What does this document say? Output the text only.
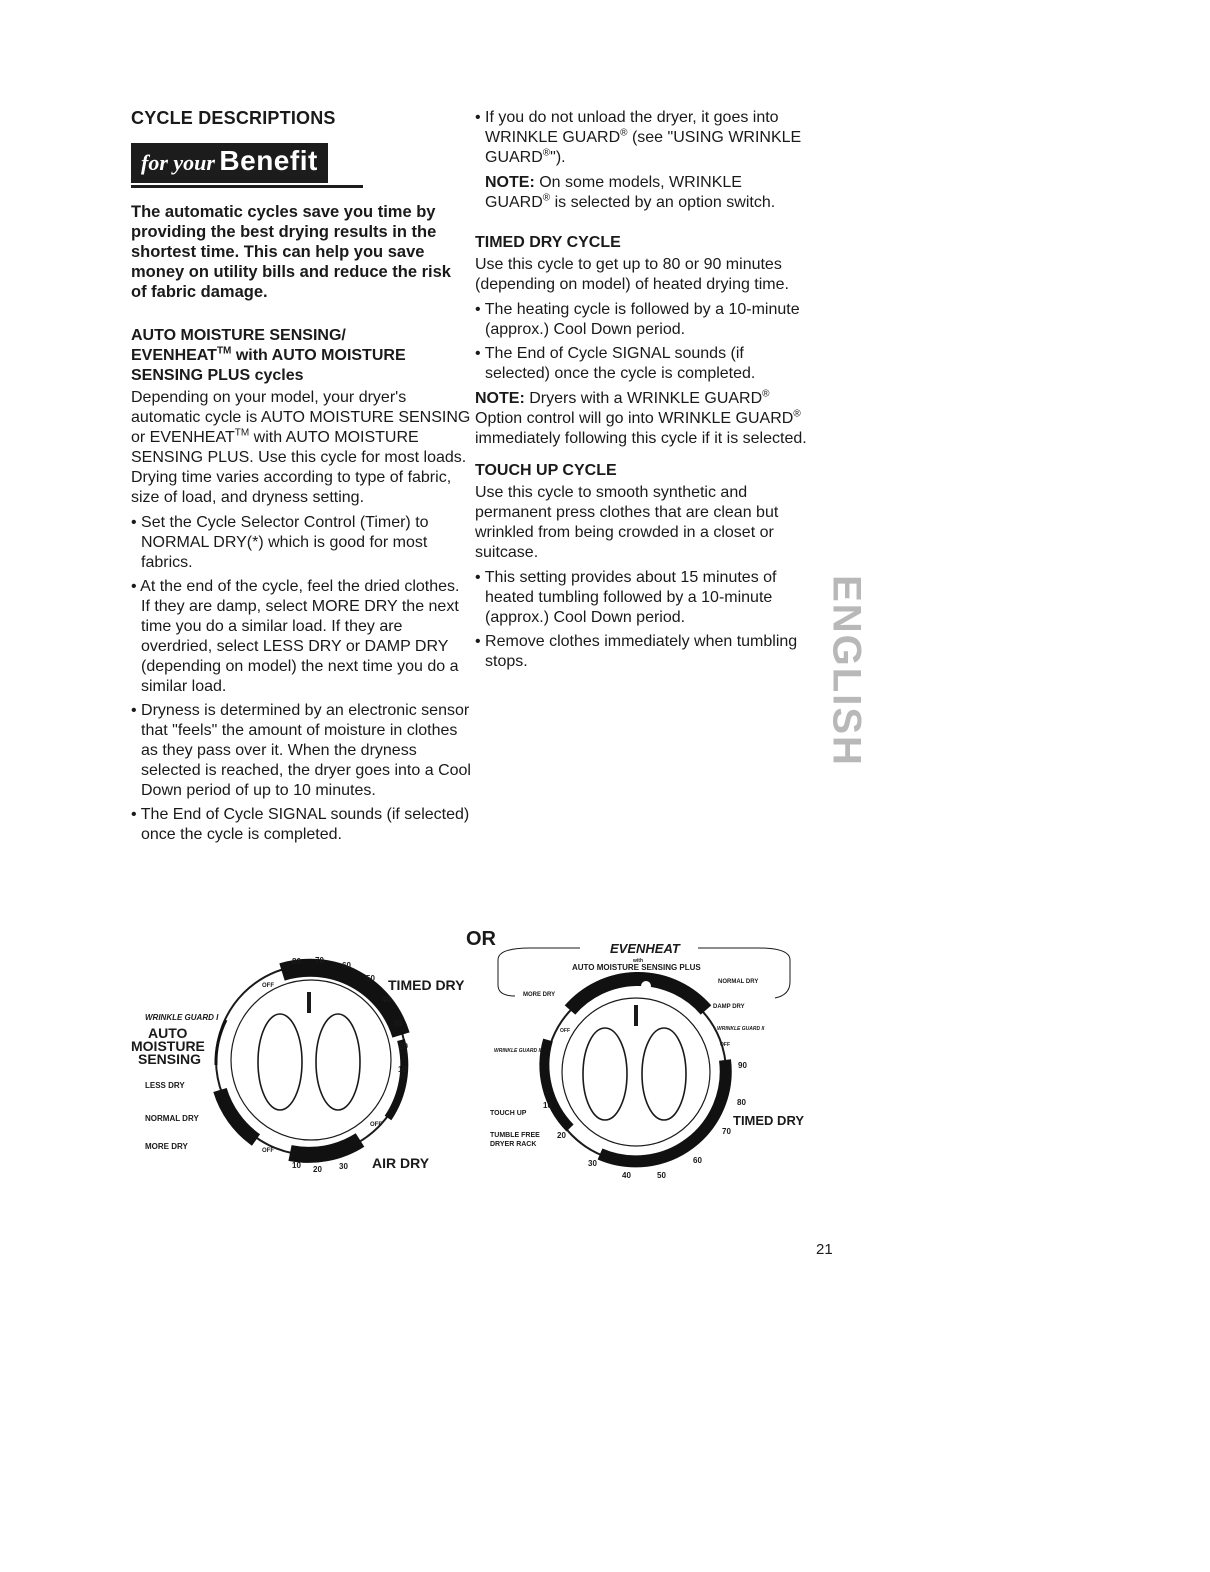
CYCLE DESCRIPTIONS
for your Benefit
The automatic cycles save you time by providing the best drying results in the shortest time. This can help you save money on utility bills and reduce the risk of fabric damage.
AUTO MOISTURE SENSING/
EVENHEAT™ with AUTO MOISTURE SENSING PLUS cycles

Depending on your model, your dryer's automatic cycle is AUTO MOISTURE SENSING or EVENHEAT™ with AUTO MOISTURE SENSING PLUS. Use this cycle for most loads. Drying time varies according to type of fabric, size of load, and dryness setting.

• Set the Cycle Selector Control (Timer) to NORMAL DRY(*) which is good for most fabrics.
• At the end of the cycle, feel the dried clothes. If they are damp, select MORE DRY the next time you do a similar load. If they are overdried, select LESS DRY or DAMP DRY (depending on model) the next time you do a similar load.
• Dryness is determined by an electronic sensor that "feels" the amount of moisture in clothes as they pass over it. When the dryness selected is reached, the dryer goes into a Cool Down period of up to 10 minutes.
• The End of Cycle SIGNAL sounds (if selected) once the cycle is completed.
• If you do not unload the dryer, it goes into WRINKLE GUARD® (see "USING WRINKLE GUARD®").
NOTE: On some models, WRINKLE GUARD® is selected by an option switch.
TIMED DRY CYCLE

Use this cycle to get up to 80 or 90 minutes (depending on model) of heated drying time.

• The heating cycle is followed by a 10-minute (approx.) Cool Down period.
• The End of Cycle SIGNAL sounds (if selected) once the cycle is completed.
NOTE: Dryers with a WRINKLE GUARD® Option control will go into WRINKLE GUARD® immediately following this cycle if it is selected.
TOUCH UP CYCLE

Use this cycle to smooth synthetic and permanent press clothes that are clean but wrinkled from being crowded in a closet or suitcase.

• This setting provides about 15 minutes of heated tumbling followed by a 10-minute (approx.) Cool Down period.
• Remove clothes immediately when tumbling stops.	ENGLISH
OR
TIMED DRY
AIR DRY
WRINKLE GUARD I
AUTO
MOISTURE
SENSING
LESS DRY
NORMAL DRY
MORE DRY
OFF
OFF
OFF
80 70
60
50
40
30
20
10
10 20 30
EVENHEAT
with
AUTO MOISTURE SENSING PLUS
NORMAL DRY
MORE DRY
DAMP DRY
WRINKLE GUARD II
WRINKLE GUARD II
OFF
OFF
TOUCH UP
TUMBLE FREE
DRYER RACK
TIMED DRY
90
80
70
60
50
40
30
20
10
21
